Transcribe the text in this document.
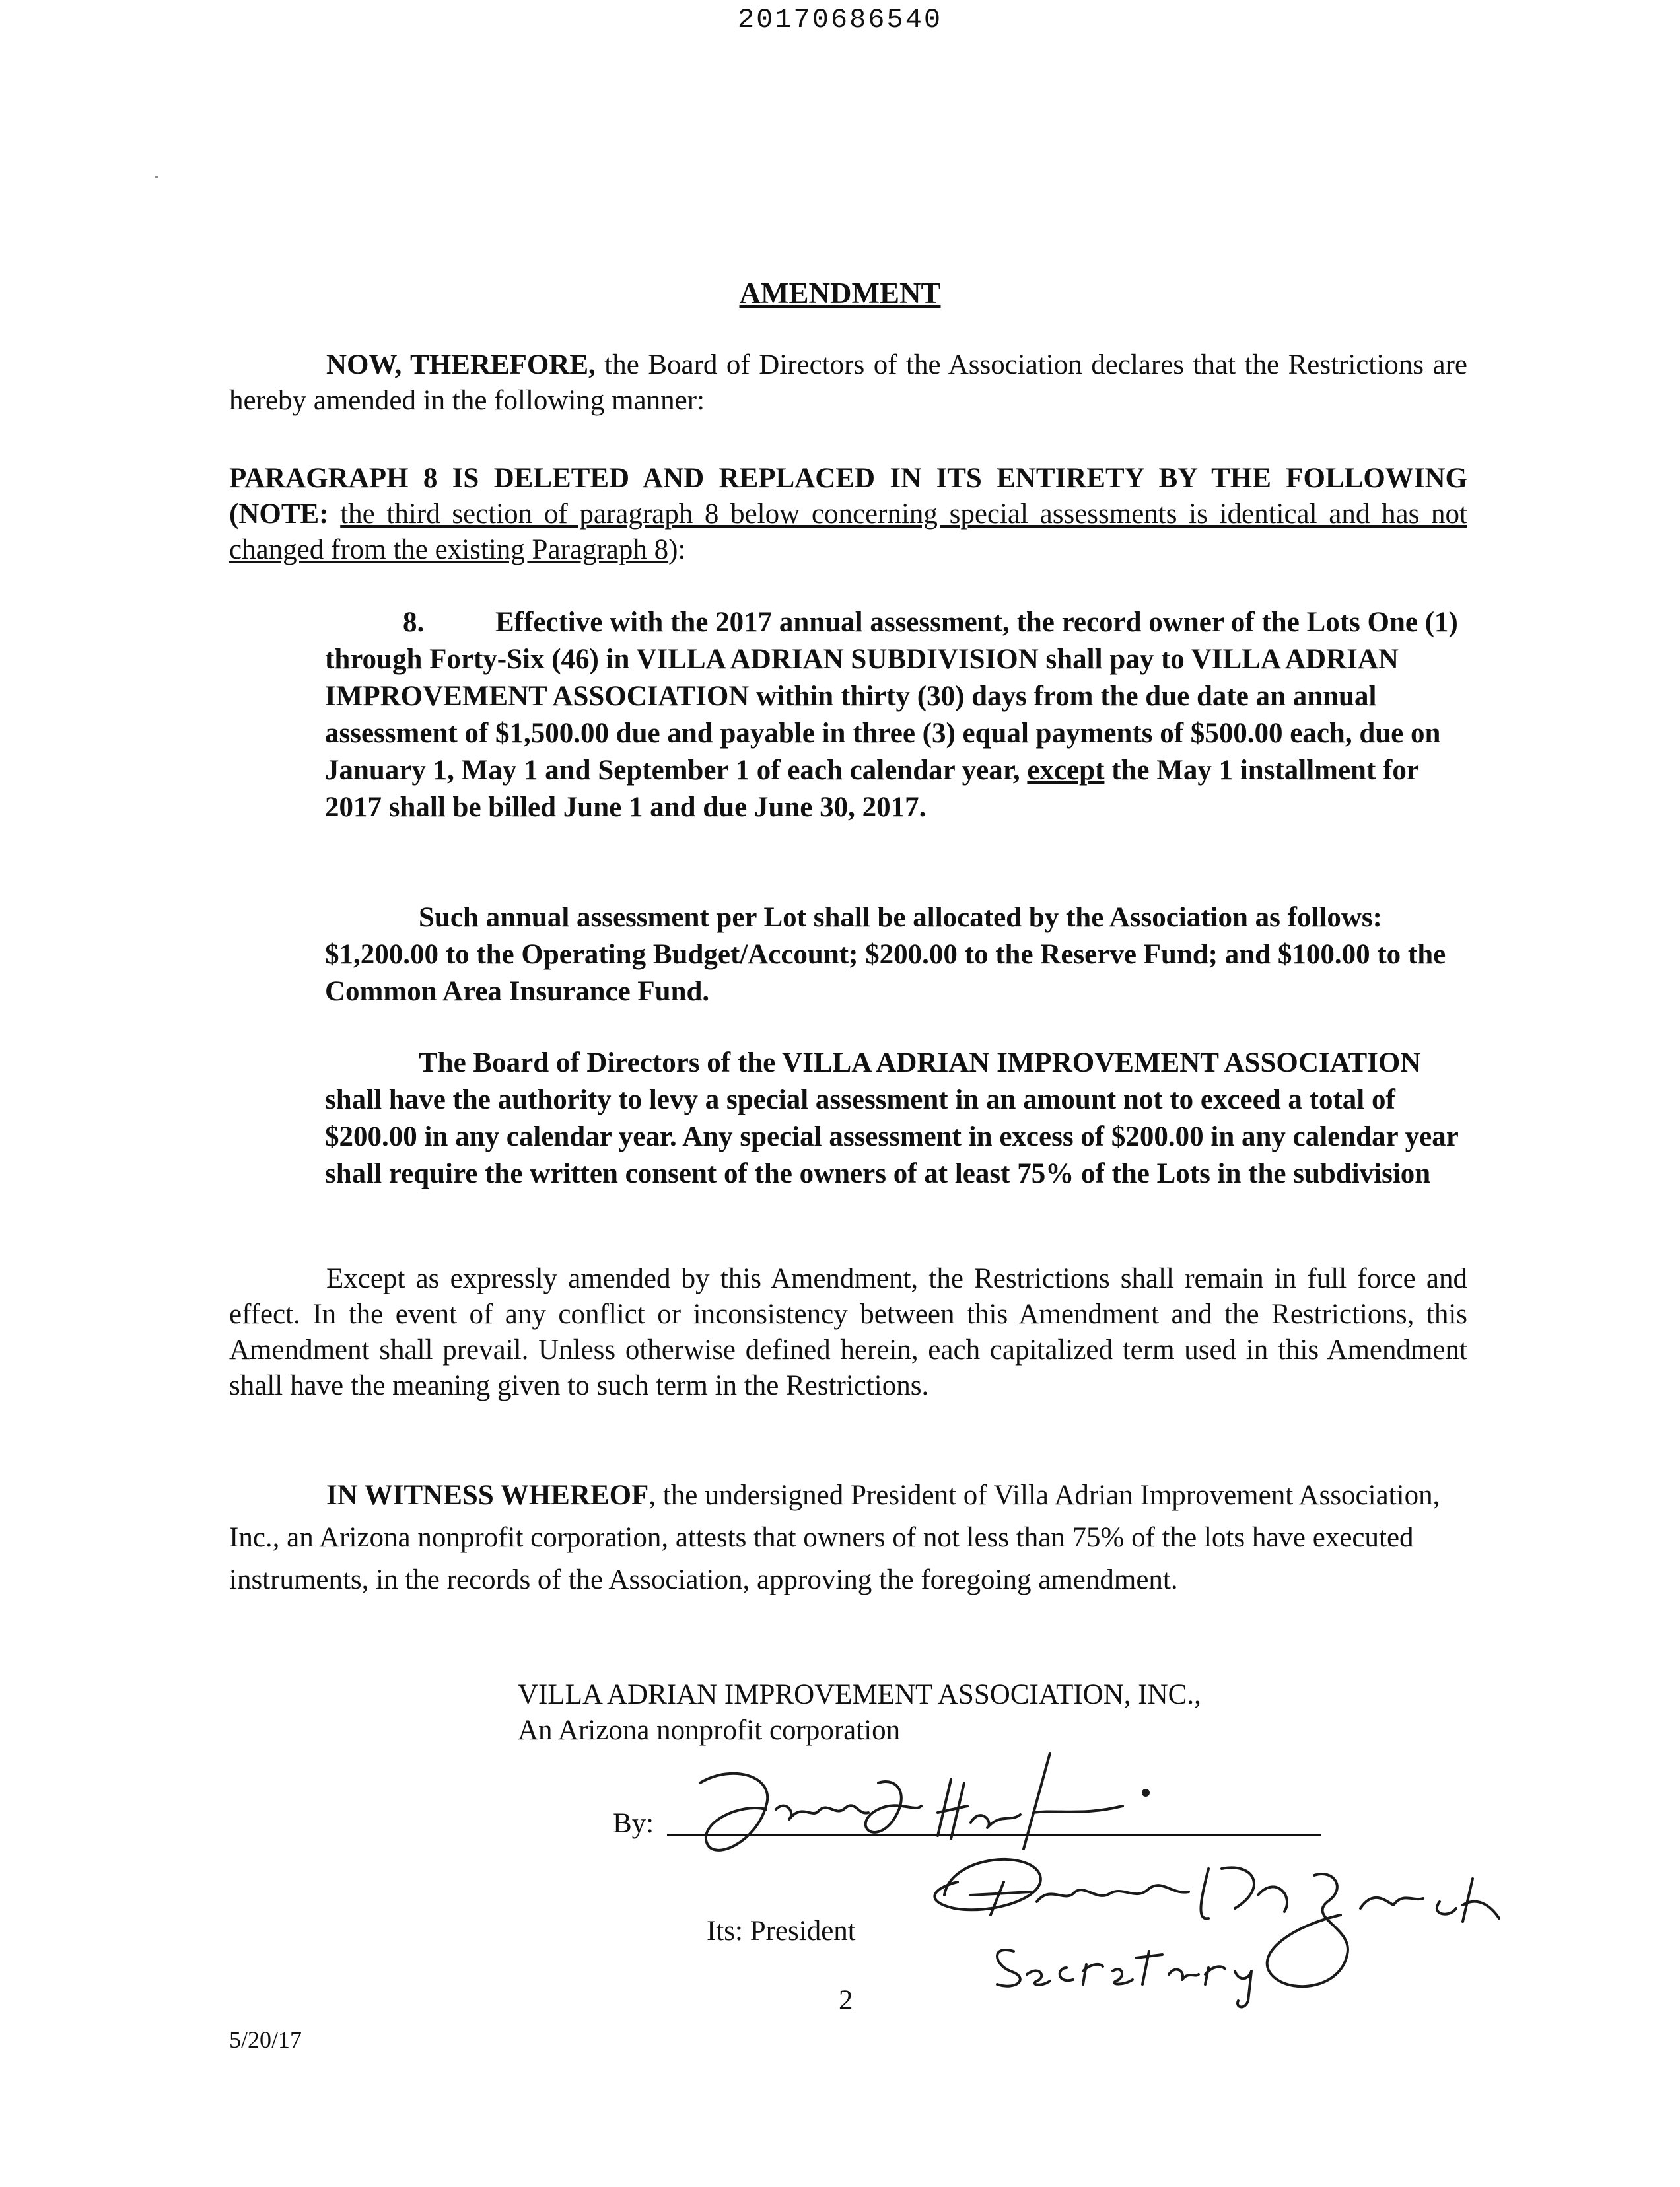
20170686540
AMENDMENT

NOW, THEREFORE, the Board of Directors of the Association declares that the Restrictions are hereby amended in the following manner:

PARAGRAPH 8 IS DELETED AND REPLACED IN ITS ENTIRETY BY THE FOLLOWING (NOTE: the third section of paragraph 8 below concerning special assessments is identical and has not changed from the existing Paragraph 8):

8.	Effective with the 2017 annual assessment, the record owner of the Lots One (1) through Forty-Six (46) in VILLA ADRIAN SUBDIVISION shall pay to VILLA ADRIAN IMPROVEMENT ASSOCIATION within thirty (30) days from the due date an annual assessment of $1,500.00 due and payable in three (3) equal payments of $500.00 each, due on January 1, May 1 and September 1 of each calendar year, except the May 1 installment for 2017 shall be billed June 1 and due June 30, 2017.

Such annual assessment per Lot shall be allocated by the Association as follows: $1,200.00 to the Operating Budget/Account; $200.00 to the Reserve Fund; and $100.00 to the Common Area Insurance Fund.

The Board of Directors of the VILLA ADRIAN IMPROVEMENT ASSOCIATION shall have the authority to levy a special assessment in an amount not to exceed a total of $200.00 in any calendar year. Any special assessment in excess of $200.00 in any calendar year shall require the written consent of the owners of at least 75% of the Lots in the subdivision

Except as expressly amended by this Amendment, the Restrictions shall remain in full force and effect. In the event of any conflict or inconsistency between this Amendment and the Restrictions, this Amendment shall prevail. Unless otherwise defined herein, each capitalized term used in this Amendment shall have the meaning given to such term in the Restrictions.

IN WITNESS WHEREOF, the undersigned President of Villa Adrian Improvement Association, Inc., an Arizona nonprofit corporation, attests that owners of not less than 75% of the lots have executed instruments, in the records of the Association, approving the foregoing amendment.

VILLA ADRIAN IMPROVEMENT ASSOCIATION, INC.,
An Arizona nonprofit corporation
By:
Its: President
2
5/20/17
